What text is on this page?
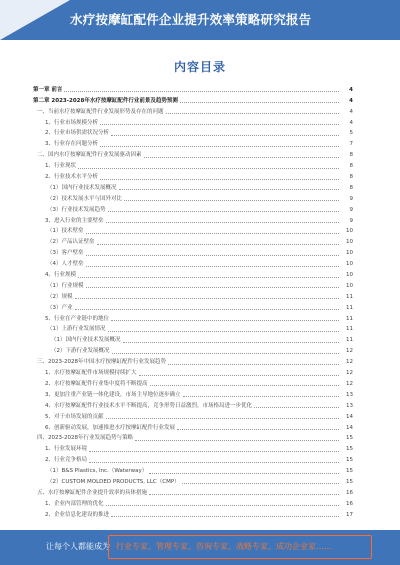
水疗按摩缸配件企业提升效率策略研究报告
内容目录
第一章 前言	4
第二章 2023-2028年水疗按摩缸配件行业前景及趋势预测	4
一、当前水疗按摩缸配件行业发展形势及存在的问题	4
1、行业市场规模分析	4
2、行业市场供需状况分析	5
3、行业存在问题分析	7
二、国内水疗按摩缸配件行业发展驱动因素	8
1、行业现状	8
2、行业技术水平分析	8
（1）国内行业技术发展概况	8
（2）技术发展水平与国外对比	9
（3）行业技术发展趋势	9
3、进入行业的主要壁垒	9
（1）技术壁垒	10
（2）产品认证壁垒	10
（3）客户壁垒	10
（4）人才壁垒	10
4、行业规模	10
（1）行业规模	10
（2）规模	11
（3）产业	11
5、行业在产业链中的地位	11
（1）上游行业发展情况	11
（1）国内行业技术发展概况	11
（2）下游行业发展概况	12
三、2023-2028年中国水疗按摩缸配件行业发展趋势	12
1、水疗按摩缸配件市场规模持续扩大	12
2、水疗按摩缸配件行业集中度将不断提高	12
3、更加注重产业链一体化建设，市场主导地位逐步确立	13
4、水疗按摩缸配件行业技术水平不断提高，竞争形势日益激烈，市场格局进一步优化	13
5、对于市场发展的贡献	14
6、创新驱动发展，加速推进水疗按摩缸配件行业发展	14
四、2023-2028年行业发展趋势与策略	15
1、行业发展环境	15
2、行业竞争格局	15
（1）B&S Plastics, Inc.（Waterway）	15
（2）CUSTOM MOLDED PRODUCTS, LLC（CMP）	15
五、水疗按摩缸配件企业提升效率的具体措施	16
1、企业内部管理的优化	16
2、企业信息化建设的推进	17
让每个人都能成为 行业专家、管理专家、咨询专家、战略专家、成功企业家……
